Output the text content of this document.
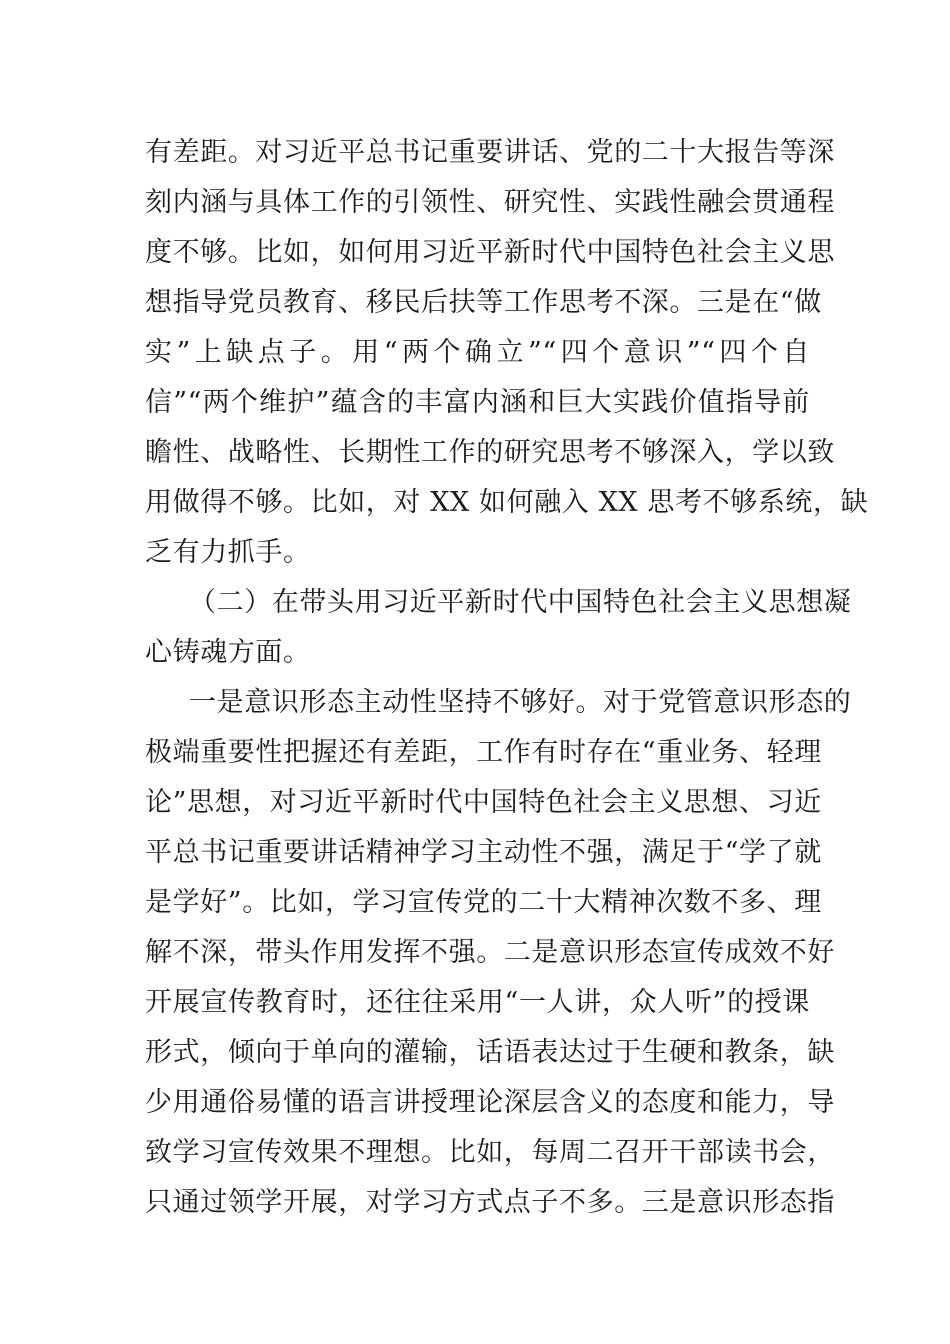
有差距。对习近平总书记重要讲话、党的二十大报告等深
刻内涵与具体工作的引领性、研究性、实践性融会贯通程
度不够。比如，如何用习近平新时代中国特色社会主义思
想指导党员教育、移民后扶等工作思考不深。三是在“做
实”上缺点子。用“两个确立”“四个意识”“四个自
信”“两个维护”蕴含的丰富内涵和巨大实践价值指导前
瞻性、战略性、长期性工作的研究思考不够深入，学以致
用做得不够。比如，对 XX 如何融入 XX 思考不够系统，缺
乏有力抓手。
（二）在带头用习近平新时代中国特色社会主义思想凝
心铸魂方面。
一是意识形态主动性坚持不够好。对于党管意识形态的
极端重要性把握还有差距，工作有时存在“重业务、轻理
论”思想，对习近平新时代中国特色社会主义思想、习近
平总书记重要讲话精神学习主动性不强，满足于“学了就
是学好”。比如，学习宣传党的二十大精神次数不多、理
解不深，带头作用发挥不强。二是意识形态宣传成效不好
开展宣传教育时，还往往采用“一人讲，众人听”的授课
形式，倾向于单向的灌输，话语表达过于生硬和教条，缺
少用通俗易懂的语言讲授理论深层含义的态度和能力，导
致学习宣传效果不理想。比如，每周二召开干部读书会，
只通过领学开展，对学习方式点子不多。三是意识形态指
